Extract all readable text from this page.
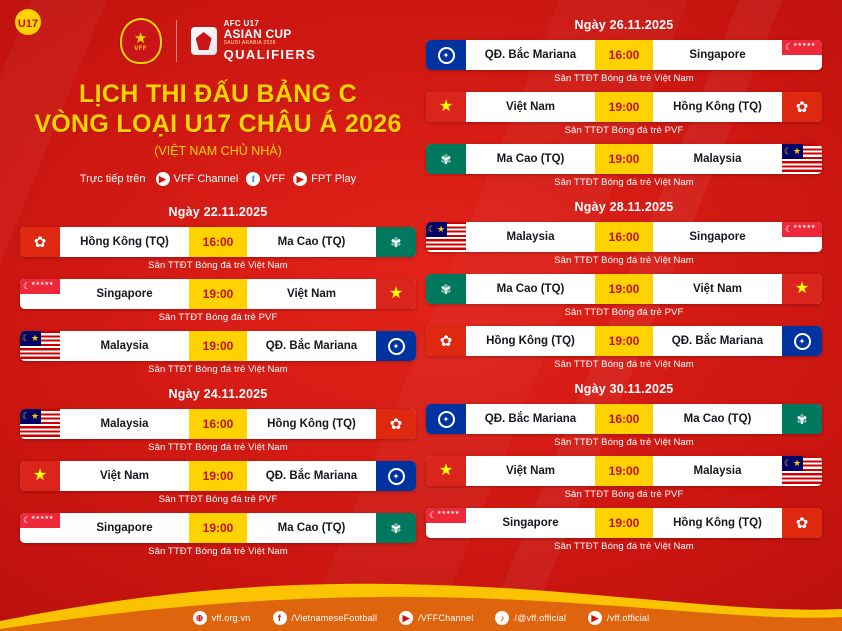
U17
★
VFF
AFC U17
ASIAN CUP
SAUDI ARABIA 2026
QUALIFIERS
LỊCH THI ĐẤU BẢNG C
VÒNG LOẠI U17 CHÂU Á 2026
(VIỆT NAM CHỦ NHÀ)
Trực tiếp trên	▶ VFF Channel	f VFF	▶ FPT Play
Ngày 22.11.2025
✿	Hồng Kông (TQ)	16:00	Ma Cao (TQ)	✾
Sân TTĐT Bóng đá trẻ Việt Nam
☾ ★★★★★
Singapore	19:00	Việt Nam	★
Sân TTĐT Bóng đá trẻ PVF
☾ ★
Malaysia	19:00	QĐ. Bắc Mariana	✦
Sân TTĐT Bóng đá trẻ Việt Nam
Ngày 24.11.2025
☾ ★
Malaysia	16:00	Hồng Kông (TQ)	✿
Sân TTĐT Bóng đá trẻ Việt Nam
★	Việt Nam	19:00	QĐ. Bắc Mariana	✦
Sân TTĐT Bóng đá trẻ PVF
☾ ★★★★★
Singapore	19:00	Ma Cao (TQ)	✾
Sân TTĐT Bóng đá trẻ Việt Nam
Ngày 26.11.2025
✦	QĐ. Bắc Mariana	16:00	Singapore
☾ ★★★★★
Sân TTĐT Bóng đá trẻ Việt Nam
★	Việt Nam	19:00	Hồng Kông (TQ)	✿
Sân TTĐT Bóng đá trẻ PVF
✾	Ma Cao (TQ)	19:00	Malaysia
☾ ★
Sân TTĐT Bóng đá trẻ Việt Nam
Ngày 28.11.2025
☾ ★
Malaysia	16:00	Singapore
☾ ★★★★★
Sân TTĐT Bóng đá trẻ Việt Nam
✾	Ma Cao (TQ)	19:00	Việt Nam	★
Sân TTĐT Bóng đá trẻ PVF
✿	Hồng Kông (TQ)	19:00	QĐ. Bắc Mariana	✦
Sân TTĐT Bóng đá trẻ Việt Nam
Ngày 30.11.2025
✦	QĐ. Bắc Mariana	16:00	Ma Cao (TQ)	✾
Sân TTĐT Bóng đá trẻ Việt Nam
★	Việt Nam	19:00	Malaysia
☾ ★
Sân TTĐT Bóng đá trẻ PVF
☾ ★★★★★
Singapore	19:00	Hồng Kông (TQ)	✿
Sân TTĐT Bóng đá trẻ Việt Nam
⊕ vff.org.vn	f	/VietnameseFootball	▶ /VFFChannel	♪	/@vff.official	▶ /vff.official
